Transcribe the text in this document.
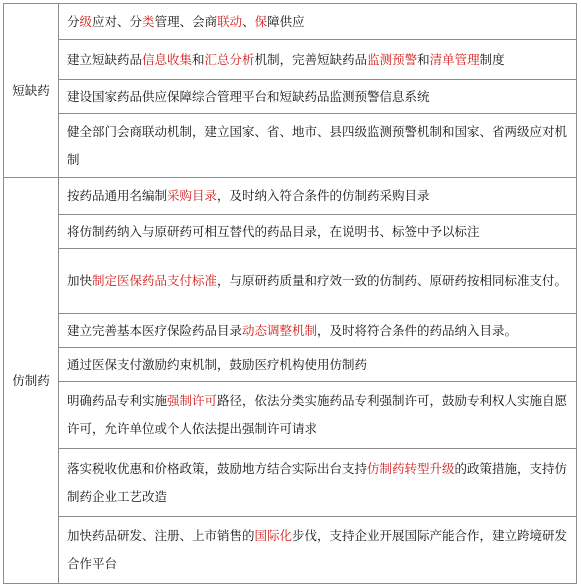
短缺药	分级应对、分类管理、会商联动、保障供应
	建立短缺药品信息收集和汇总分析机制，完善短缺药品监测预警和清单管理制度
	建设国家药品供应保障综合管理平台和短缺药品监测预警信息系统
	健全部门会商联动机制，建立国家、省、地市、县四级监测预警机制和国家、省两级应对机制
仿制药	按药品通用名编制采购目录，及时纳入符合条件的仿制药采购目录
	将仿制药纳入与原研药可相互替代的药品目录，在说明书、标签中予以标注
	加快制定医保药品支付标准，与原研药质量和疗效一致的仿制药、原研药按相同标准支付。
	建立完善基本医疗保险药品目录动态调整机制，及时将符合条件的药品纳入目录。
	通过医保支付激励约束机制，鼓励医疗机构使用仿制药
	明确药品专利实施强制许可路径，依法分类实施药品专利强制许可，鼓励专利权人实施自愿许可，允许单位或个人依法提出强制许可请求
	落实税收优惠和价格政策，鼓励地方结合实际出台支持仿制药转型升级的政策措施，支持仿制药企业工艺改造
	加快药品研发、注册、上市销售的国际化步伐，支持企业开展国际产能合作，建立跨境研发合作平台
